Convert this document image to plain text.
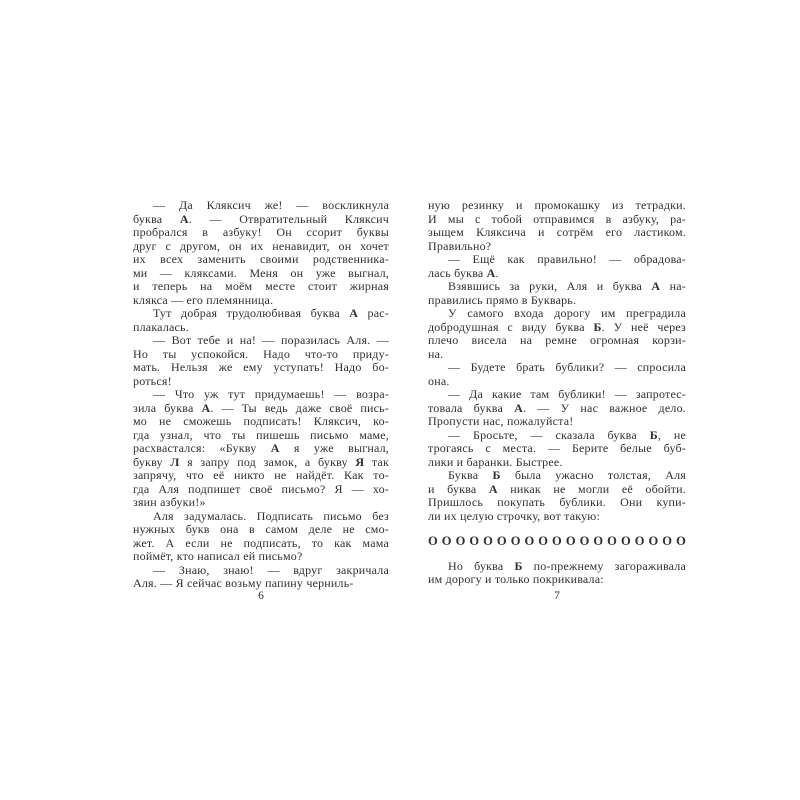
— Да Кляксич же! — воскликнула
буква А. — Отвратительный Кляксич
пробрался в азбуку! Он ссорит буквы
друг с другом, он их ненавидит, он хочет
их всех заменить своими родственника-
ми — кляксами. Меня он уже выгнал,
и теперь на моём месте стоит жирная
клякса — его племянница.
Тут добрая трудолюбивая буква А рас-
плакалась.
— Вот тебе и на! — поразилась Аля. —
Но ты успокойся. Надо что-то приду-
мать. Нельзя же ему уступать! Надо бо-
роться!
— Что уж тут придумаешь! — возра-
зила буква А. — Ты ведь даже своё пись-
мо не сможешь подписать! Кляксич, ко-
гда узнал, что ты пишешь письмо маме,
расхвастался: «Букву А я уже выгнал,
букву Л я запру под замок, а букву Я так
запрячу, что её никто не найдёт. Как то-
гда Аля подпишет своё письмо? Я — хо-
зяин азбуки!»
Аля задумалась. Подписать письмо без
нужных букв она в самом деле не смо-
жет. А если не подписать, то как мама
поймёт, кто написал ей письмо?
— Знаю, знаю! — вдруг закричала
Аля. — Я сейчас возьму папину черниль-
6
ную резинку и промокашку из тетрадки.
И мы с тобой отправимся в азбуку, ра-
зыщем Кляксича и сотрём его ластиком.
Правильно?
— Ещё как правильно! — обрадова-
лась буква А.
Взявшись за руки, Аля и буква А на-
правились прямо в Букварь.
У самого входа дорогу им преградила
добродушная с виду буква Б. У неё через
плечо висела на ремне огромная корзи-
на.
— Будете брать бублики? — спросила
она.
— Да какие там бублики! — запротес-
товала буква А. — У нас важное дело.
Пропусти нас, пожалуйста!
— Бросьте, — сказала буква Б, не
трогаясь с места. — Берите белые буб-
лики и баранки. Быстрее.
Буква Б была ужасно толстая, Аля
и буква А никак не могли её обойти.
Пришлось покупать бублики. Они купи-
ли их целую строчку, вот такую:
О О О О О О О О О О О О О О О О О О О
Но буква Б по-прежнему загораживала
им дорогу и только покрикивала:
7
